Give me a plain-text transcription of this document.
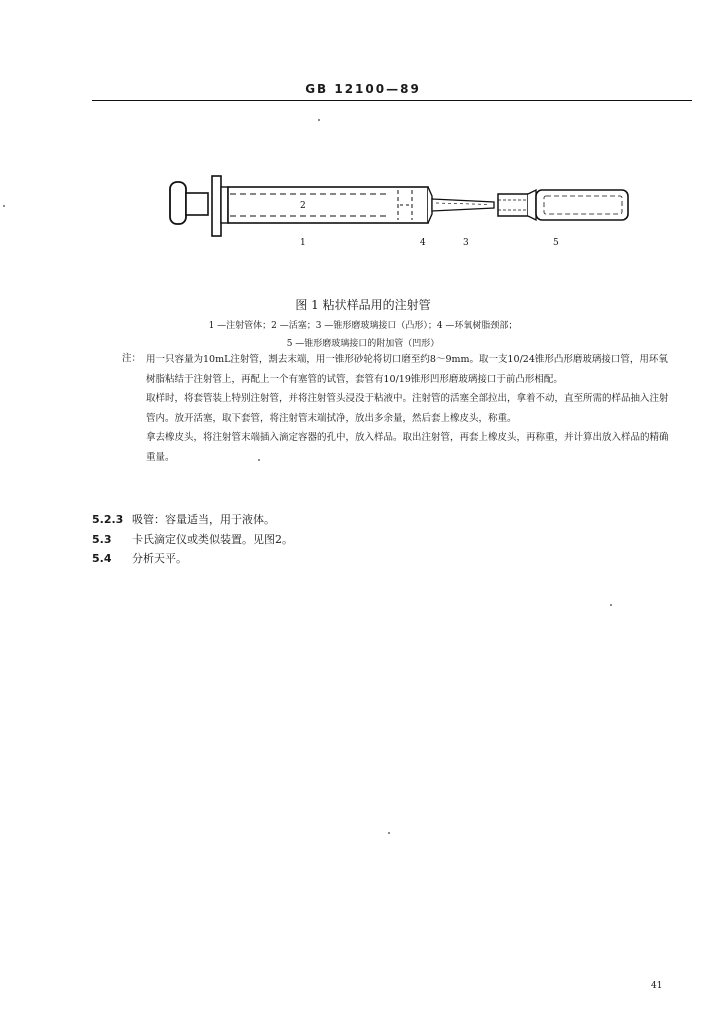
GB 12100—89
2
1	4	3	5
图 1 粘状样品用的注射管
1 —注射管体；2 —活塞；3 —锥形磨玻璃接口（凸形）；4 —环氧树脂颈部；
5 —锥形磨玻璃接口的附加管（凹形）
注： 用一只容量为10mL注射管，割去末端，用一锥形砂轮将切口磨至约8～9mm。取一支10/24锥形凸形磨玻璃接口管，用环氧树脂粘结于注射管上，再配上一个有塞管的试管，套管有10/19锥形凹形磨玻璃接口于前凸形相配。

取样时，将套管装上特别注射管，并将注射管头浸没于粘液中。注射管的活塞全部拉出，拿着不动，直至所需的样品抽入注射管内。放开活塞，取下套管，将注射管末端拭净，放出多余量，然后套上橡皮头，称重。

拿去橡皮头，将注射管末端插入滴定容器的孔中，放入样品。取出注射管，再套上橡皮头，再称重，并计算出放入样品的精确重量。

5.2.3 吸管：容量适当，用于液体。
5.3 卡氏滴定仪或类似装置。见图2。
5.4 分析天平。
41
